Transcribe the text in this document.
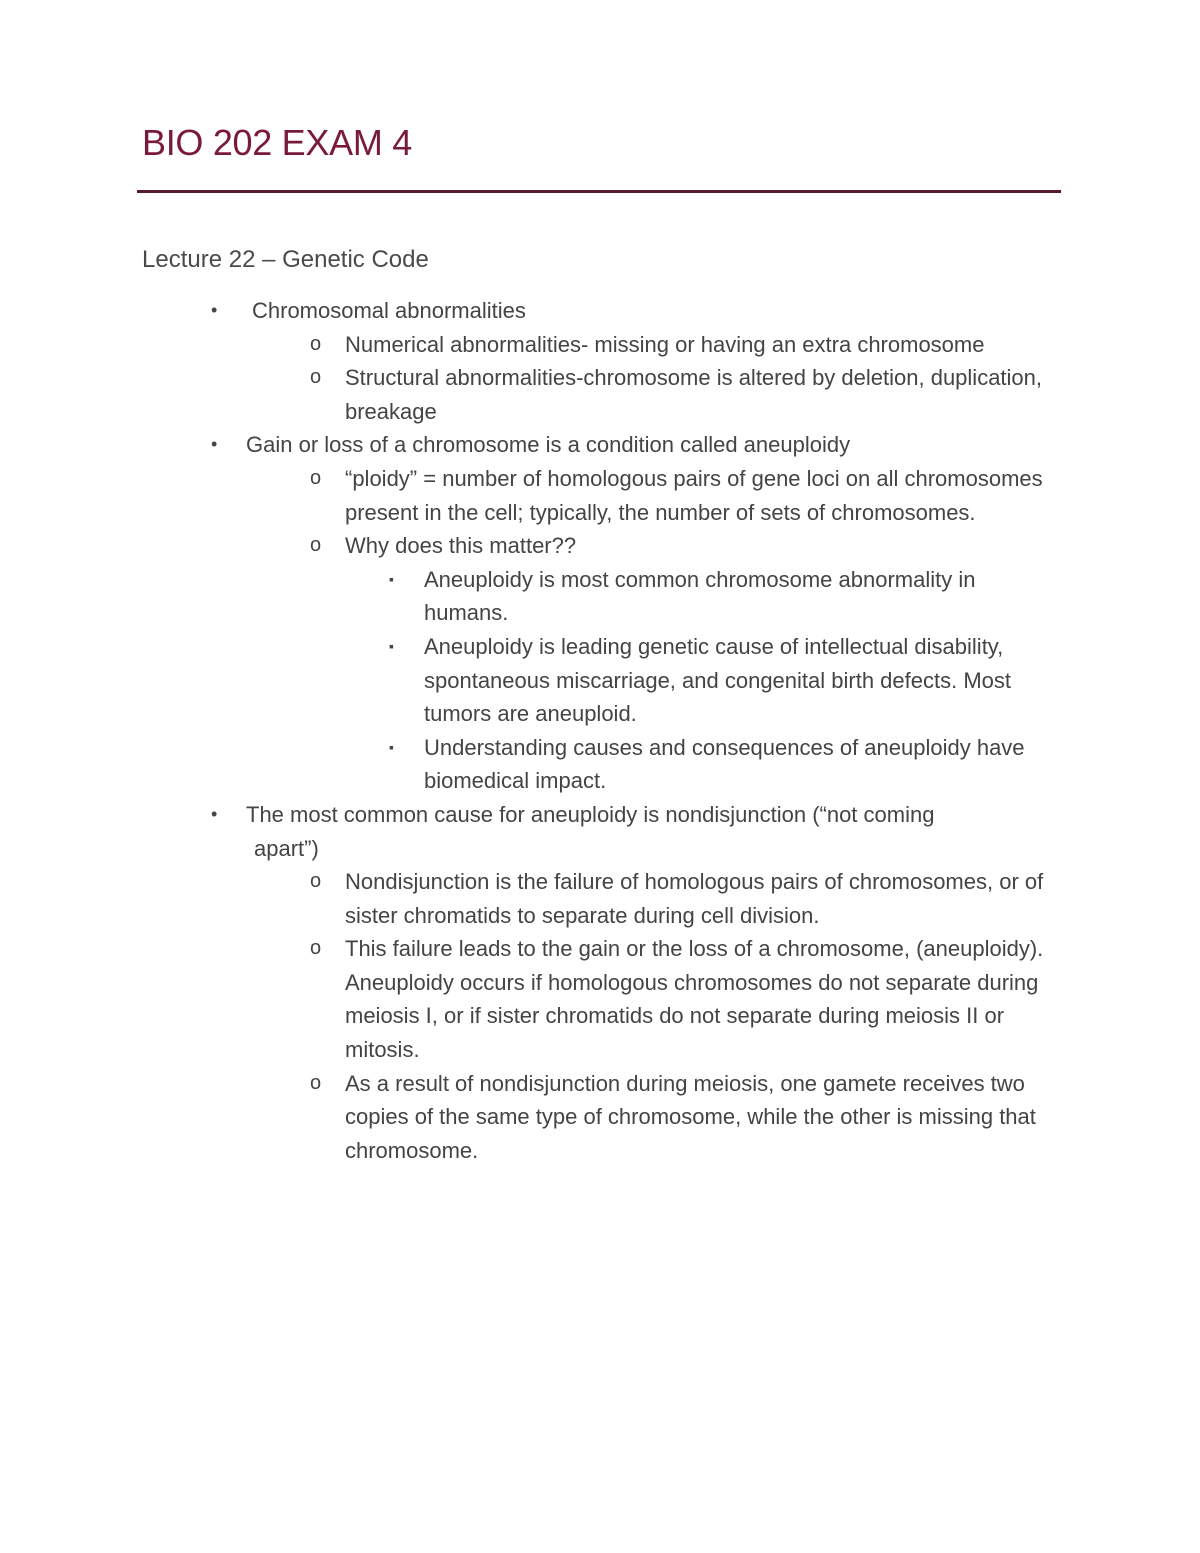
BIO 202 EXAM 4
Lecture 22 – Genetic Code
• Chromosomal abnormalities
o Numerical abnormalities- missing or having an extra chromosome
o Structural abnormalities-chromosome is altered by deletion, duplication, breakage
• Gain or loss of a chromosome is a condition called aneuploidy
o “ploidy” = number of homologous pairs of gene loci on all chromosomes present in the cell; typically, the number of sets of chromosomes.
o Why does this matter??
▪ Aneuploidy is most common chromosome abnormality in humans.
▪ Aneuploidy is leading genetic cause of intellectual disability, spontaneous miscarriage, and congenital birth defects. Most tumors are aneuploid.
▪ Understanding causes and consequences of aneuploidy have biomedical impact.
• The most common cause for aneuploidy is nondisjunction (“not coming
apart”)
o Nondisjunction is the failure of homologous pairs of chromosomes, or of sister chromatids to separate during cell division.
o This failure leads to the gain or the loss of a chromosome, (aneuploidy). Aneuploidy occurs if homologous chromosomes do not separate during meiosis I, or if sister chromatids do not separate during meiosis II or mitosis.
o As a result of nondisjunction during meiosis, one gamete receives two copies of the same type of chromosome, while the other is missing that chromosome.
